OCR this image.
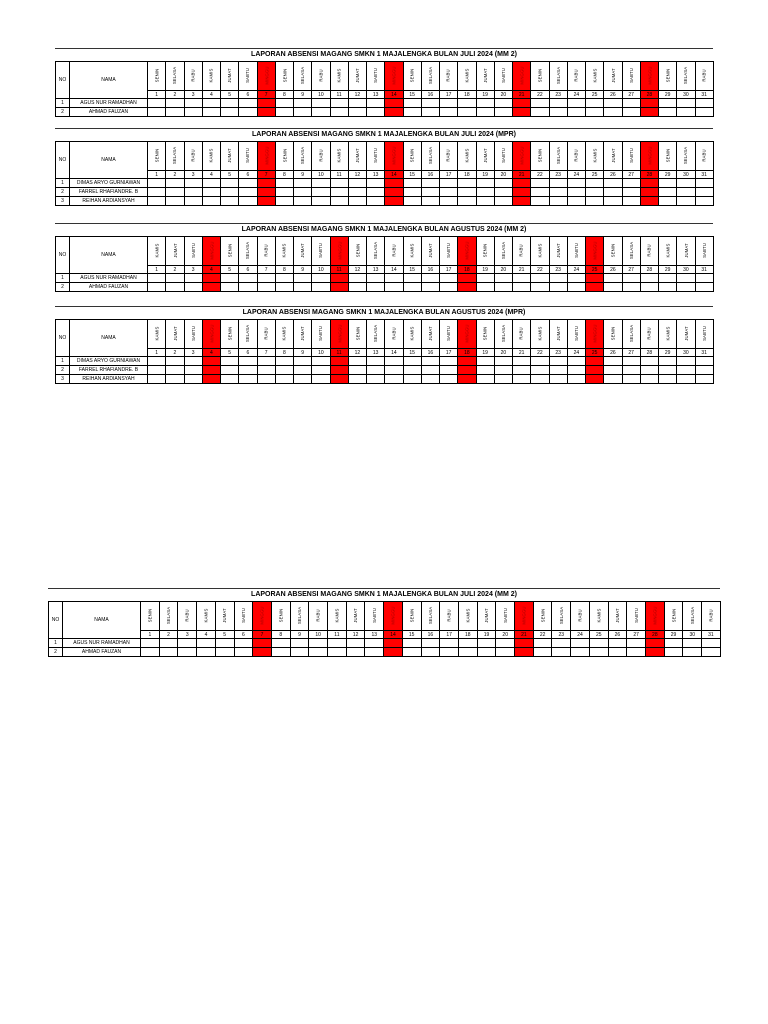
LAPORAN ABSENSI MAGANG SMKN 1 MAJALENGKA BULAN JULI 2024 (MM 2)
NO	NAMA	SENIN	SELASA	RABU	KAMIS	JUMAT	SABTU	MINGGU	SENIN	SELASA	RABU	KAMIS	JUMAT	SABTU	MINGGU	SENIN	SELASA	RABU	KAMIS	JUMAT	SABTU	MINGGU	SENIN	SELASA	RABU	KAMIS	JUMAT	SABTU	MINGGU	SENIN	SELASA	RABU
		1	2	3	4	5	6	7	8	9	10	11	12	13	14	15	16	17	18	19	20	21	22	23	24	25	26	27	28	29	30	31
1	AGUS NUR RAMADHAN																															
2	AHMAD FAUZAN																															
LAPORAN ABSENSI MAGANG SMKN 1 MAJALENGKA BULAN JULI 2024 (MPR)
NO	NAMA	SENIN	SELASA	RABU	KAMIS	JUMAT	SABTU	MINGGU	SENIN	SELASA	RABU	KAMIS	JUMAT	SABTU	MINGGU	SENIN	SELASA	RABU	KAMIS	JUMAT	SABTU	MINGGU	SENIN	SELASA	RABU	KAMIS	JUMAT	SABTU	MINGGU	SENIN	SELASA	RABU
		1	2	3	4	5	6	7	8	9	10	11	12	13	14	15	16	17	18	19	20	21	22	23	24	25	26	27	28	29	30	31
1	DIMAS ARYO GURNIAWAN																															
2	FARREL RHAFIANDRE. B																															
3	REIHAN ARDIANSYAH																															
LAPORAN ABSENSI MAGANG SMKN 1 MAJALENGKA BULAN AGUSTUS 2024 (MM 2)
NO	NAMA	KAMIS	JUMAT	SABTU	MINGGU	SENIN	SELASA	RABU	KAMIS	JUMAT	SABTU	MINGGU	SENIN	SELASA	RABU	KAMIS	JUMAT	SABTU	MINGGU	SENIN	SELASA	RABU	KAMIS	JUMAT	SABTU	MINGGU	SENIN	SELASA	RABU	KAMIS	JUMAT	SABTU
		1	2	3	4	5	6	7	8	9	10	11	12	13	14	15	16	17	18	19	20	21	22	23	24	25	26	27	28	29	30	31
1	AGUS NUR RAMADHAN																															
2	AHMAD FAUZAN																															
LAPORAN ABSENSI MAGANG SMKN 1 MAJALENGKA BULAN AGUSTUS 2024 (MPR)
NO	NAMA	KAMIS	JUMAT	SABTU	MINGGU	SENIN	SELASA	RABU	KAMIS	JUMAT	SABTU	MINGGU	SENIN	SELASA	RABU	KAMIS	JUMAT	SABTU	MINGGU	SENIN	SELASA	RABU	KAMIS	JUMAT	SABTU	MINGGU	SENIN	SELASA	RABU	KAMIS	JUMAT	SABTU
		1	2	3	4	5	6	7	8	9	10	11	12	13	14	15	16	17	18	19	20	21	22	23	24	25	26	27	28	29	30	31
1	DIMAS ARYO GURNIAWAN																															
2	FARREL RHAFIANDRE. B																															
3	REIHAN ARDIANSYAH																															
LAPORAN ABSENSI MAGANG SMKN 1 MAJALENGKA BULAN JULI 2024 (MM 2)
NO	NAMA	SENIN	SELASA	RABU	KAMIS	JUMAT	SABTU	MINGGU	SENIN	SELASA	RABU	KAMIS	JUMAT	SABTU	MINGGU	SENIN	SELASA	RABU	KAMIS	JUMAT	SABTU	MINGGU	SENIN	SELASA	RABU	KAMIS	JUMAT	SABTU	MINGGU	SENIN	SELASA	RABU
		1	2	3	4	5	6	7	8	9	10	11	12	13	14	15	16	17	18	19	20	21	22	23	24	25	26	27	28	29	30	31
1	AGUS NUR RAMADHAN																															
2	AHMAD FAUZAN																															
